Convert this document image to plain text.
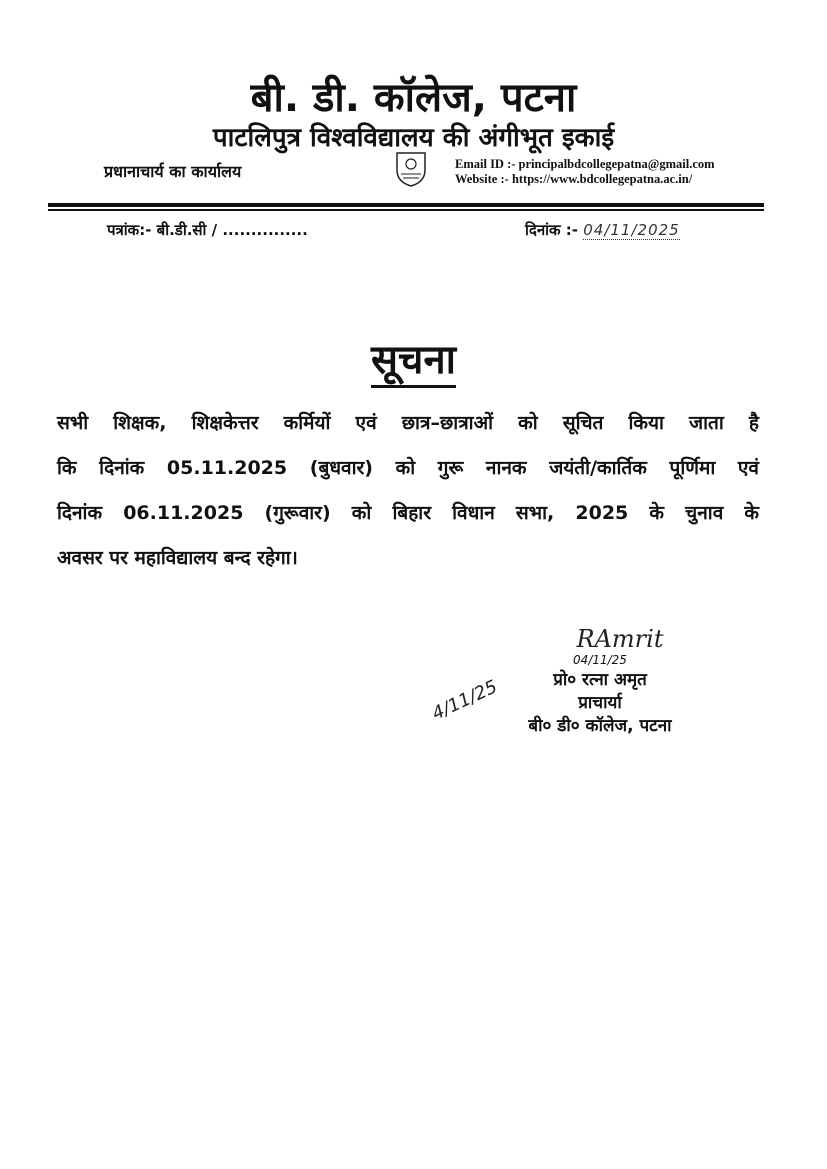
बी. डी. कॉलेज, पटना
पाटलिपुत्र विश्वविद्यालय की अंगीभूत इकाई
प्रधानाचार्य का कार्यालय	Email ID :- principalbdcollegepatna@gmail.com
Website :- https://www.bdcollegepatna.ac.in/
पत्रांक:- बी.डी.सी / ...............	दिनांक :- 04/11/2025
सूचना
सभी शिक्षक, शिक्षकेत्तर कर्मियों एवं छात्र–छात्राओं को सूचित किया जाता है
कि दिनांक 05.11.2025 (बुधवार) को गुरू नानक जयंती/कार्तिक पूर्णिमा एवं
दिनांक 06.11.2025 (गुरूवार) को बिहार विधान सभा, 2025 के चुनाव के
अवसर पर महाविद्यालय बन्द रहेगा।
RAmrit
04/11/25
प्रो० रत्ना अमृत
प्राचार्या
बी० डी० कॉलेज, पटना
4/11/25
